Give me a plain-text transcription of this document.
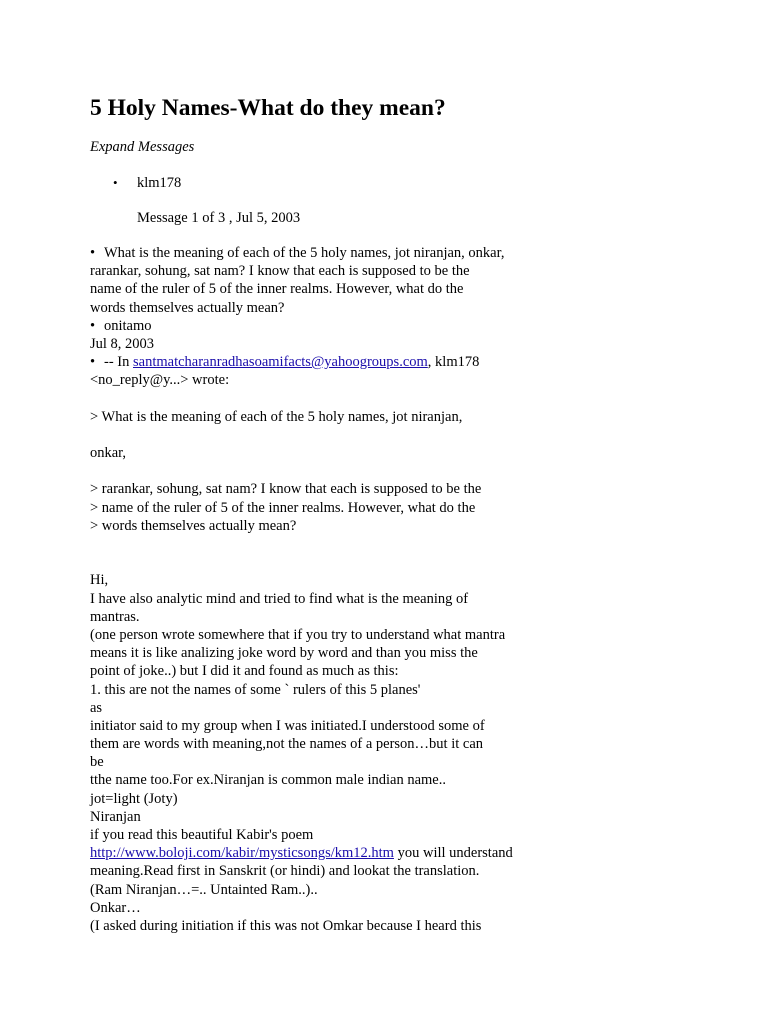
5 Holy Names-What do they mean?
Expand Messages
• klm178
Message 1 of 3 , Jul 5, 2003
• What is the meaning of each of the 5 holy names, jot niranjan, onkar,
rarankar, sohung, sat nam? I know that each is supposed to be the
name of the ruler of 5 of the inner realms. However, what do the
words themselves actually mean?
• onitamo
Jul 8, 2003
• -- In santmatcharanradhasoamifacts@yahoogroups.com, klm178
<no_reply@y...> wrote:
> What is the meaning of each of the 5 holy names, jot niranjan,
onkar,
> rarankar, sohung, sat nam? I know that each is supposed to be the
> name of the ruler of 5 of the inner realms. However, what do the
> words themselves actually mean?
Hi,
I have also analytic mind and tried to find what is the meaning of
mantras.
(one person wrote somewhere that if you try to understand what mantra
means it is like analizing joke word by word and than you miss the
point of joke..) but I did it and found as much as this:
1. this are not the names of some ` rulers of this 5 planes'
as
initiator said to my group when I was initiated.I understood some of
them are words with meaning,not the names of a person…but it can
be
tthe name too.For ex.Niranjan is common male indian name..
jot=light (Joty)
Niranjan
if you read this beautiful Kabir's poem
http://www.boloji.com/kabir/mysticsongs/km12.htm you will understand
meaning.Read first in Sanskrit (or hindi) and lookat the translation.
(Ram Niranjan…=.. Untainted Ram..)..
Onkar…
(I asked during initiation if this was not Omkar because I heard this
